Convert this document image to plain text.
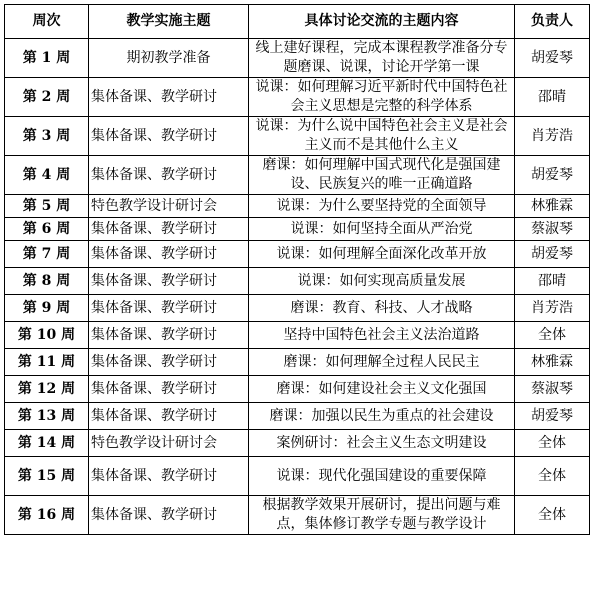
周次	教学实施主题	具体讨论交流的主题内容	负责人
第 1 周	期初教学准备	线上建好课程，完成本课程教学准备分专题磨课、说课，讨论开学第一课	胡爱琴
第 2 周	集体备课、教学研讨	说课：如何理解习近平新时代中国特色社会主义思想是完整的科学体系	邵晴
第 3 周	集体备课、教学研讨	说课：为什么说中国特色社会主义是社会主义而不是其他什么主义	肖芳浩
第 4 周	集体备课、教学研讨	磨课：如何理解中国式现代化是强国建设、民族复兴的唯一正确道路	胡爱琴
第 5 周	特色教学设计研讨会	说课：为什么要坚持党的全面领导	林雅霖
第 6 周	集体备课、教学研讨	说课：如何坚持全面从严治党	蔡淑琴
第 7 周	集体备课、教学研讨	说课：如何理解全面深化改革开放	胡爱琴
第 8 周	集体备课、教学研讨	说课：如何实现高质量发展	邵晴
第 9 周	集体备课、教学研讨	磨课：教育、科技、人才战略	肖芳浩
第 10 周	集体备课、教学研讨	坚持中国特色社会主义法治道路	全体
第 11 周	集体备课、教学研讨	磨课：如何理解全过程人民民主	林雅霖
第 12 周	集体备课、教学研讨	磨课：如何建设社会主义文化强国	蔡淑琴
第 13 周	集体备课、教学研讨	磨课：加强以民生为重点的社会建设	胡爱琴
第 14 周	特色教学设计研讨会	案例研讨：社会主义生态文明建设	全体
第 15 周	集体备课、教学研讨	说课：现代化强国建设的重要保障	全体
第 16 周	集体备课、教学研讨	根据教学效果开展研讨，提出问题与难点，集体修订教学专题与教学设计	全体
